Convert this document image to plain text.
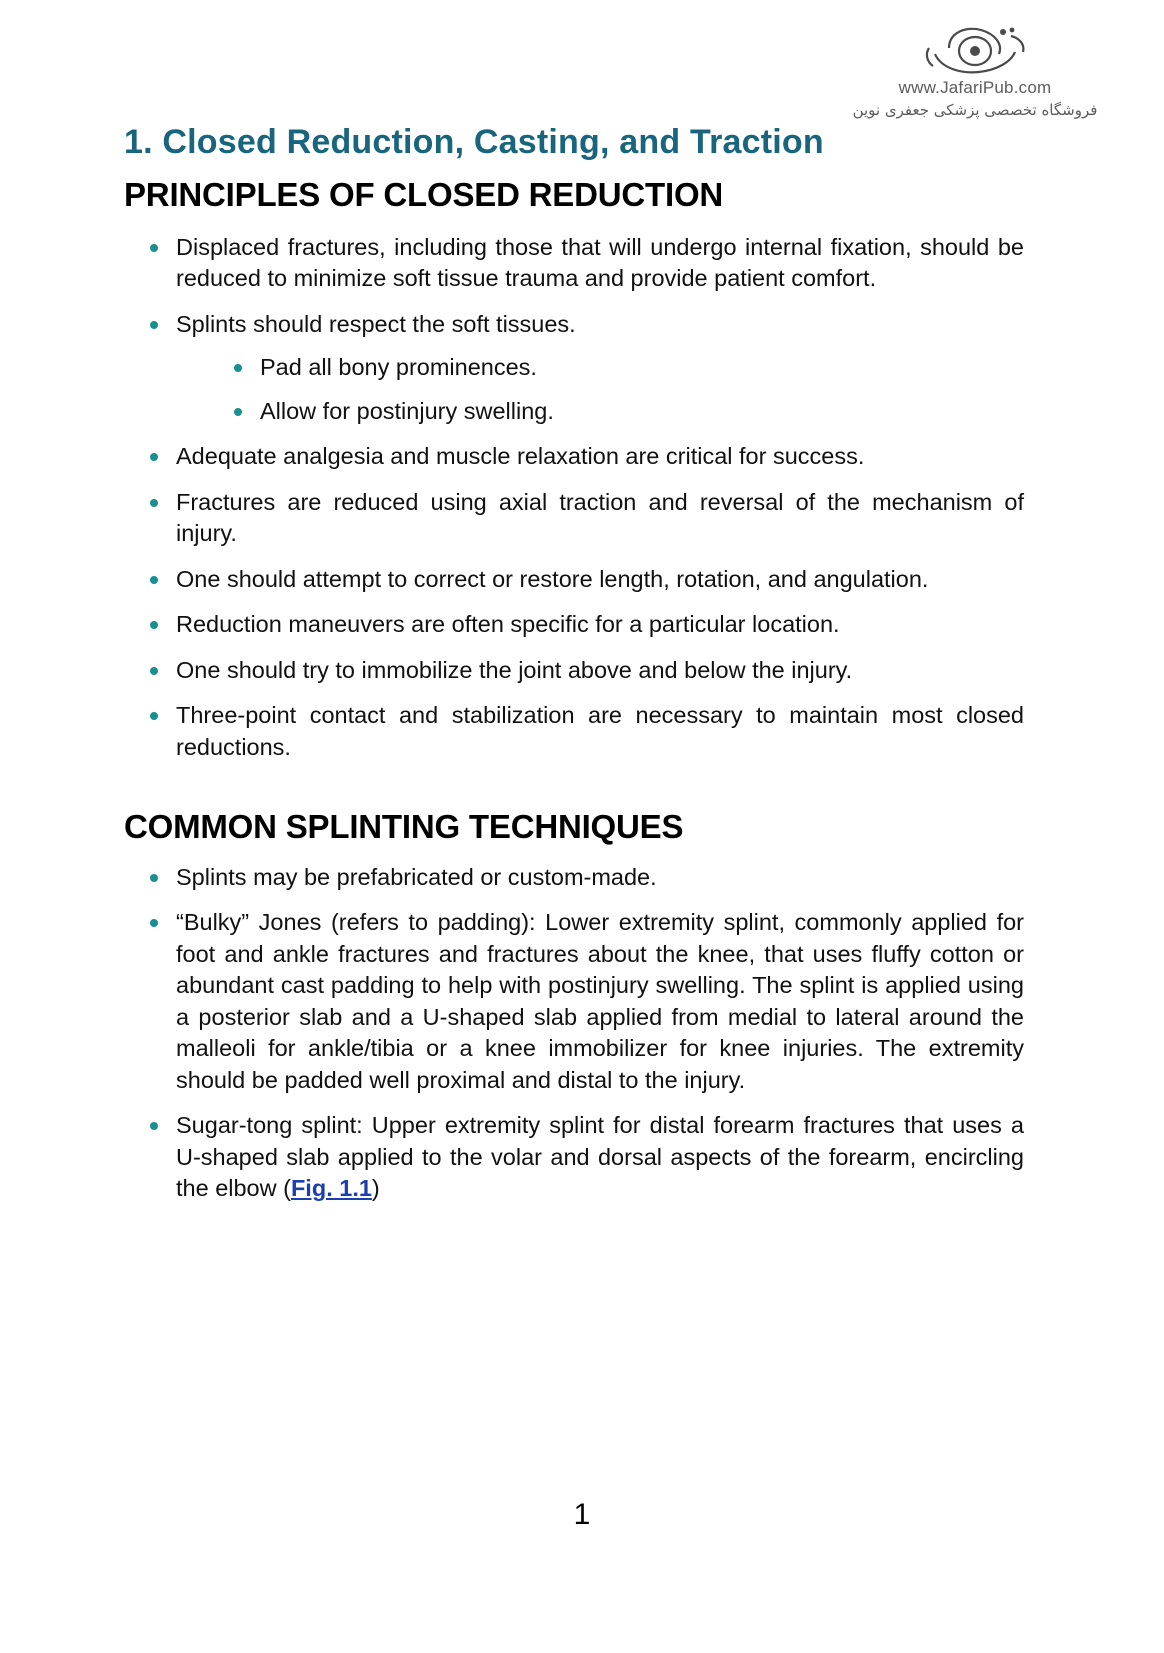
www.JafariPub.com
فروشگاه تخصصی پزشکی جعفری نوین
1. Closed Reduction, Casting, and Traction
PRINCIPLES OF CLOSED REDUCTION
Displaced fractures, including those that will undergo internal fixation, should be reduced to minimize soft tissue trauma and provide patient comfort.
Splints should respect the soft tissues.
Pad all bony prominences.
Allow for postinjury swelling.
Adequate analgesia and muscle relaxation are critical for success.
Fractures are reduced using axial traction and reversal of the mechanism of injury.
One should attempt to correct or restore length, rotation, and angulation.
Reduction maneuvers are often specific for a particular location.
One should try to immobilize the joint above and below the injury.
Three-point contact and stabilization are necessary to maintain most closed reductions.
COMMON SPLINTING TECHNIQUES
Splints may be prefabricated or custom-made.
“Bulky” Jones (refers to padding): Lower extremity splint, commonly applied for foot and ankle fractures and fractures about the knee, that uses fluffy cotton or abundant cast padding to help with postinjury swelling. The splint is applied using a posterior slab and a U-shaped slab applied from medial to lateral around the malleoli for ankle/tibia or a knee immobilizer for knee injuries. The extremity should be padded well proximal and distal to the injury.
Sugar-tong splint: Upper extremity splint for distal forearm fractures that uses a U-shaped slab applied to the volar and dorsal aspects of the forearm, encircling the elbow (Fig. 1.1)
1
